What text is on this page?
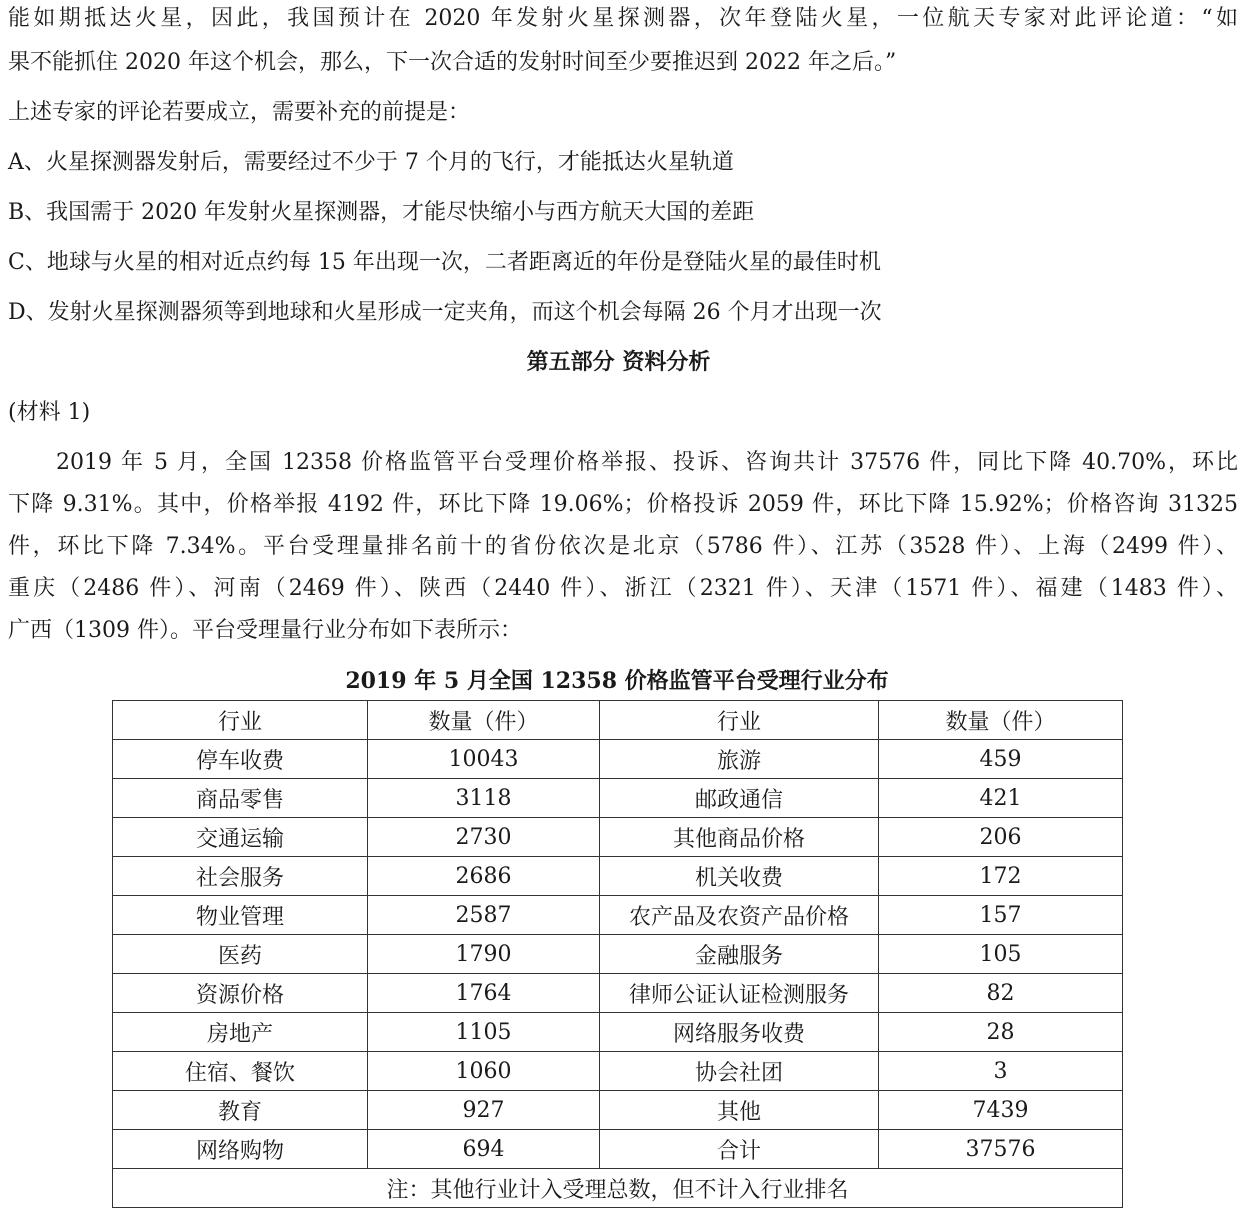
能如期抵达火星，因此，我国预计在 2020 年发射火星探测器，次年登陆火星，一位航天专家对此评论道：“如
果不能抓住 2020 年这个机会，那么，下一次合适的发射时间至少要推迟到 2022 年之后。”
上述专家的评论若要成立，需要补充的前提是：
A、火星探测器发射后，需要经过不少于 7 个月的飞行，才能抵达火星轨道
B、我国需于 2020 年发射火星探测器，才能尽快缩小与西方航天大国的差距
C、地球与火星的相对近点约每 15 年出现一次，二者距离近的年份是登陆火星的最佳时机
D、发射火星探测器须等到地球和火星形成一定夹角，而这个机会每隔 26 个月才出现一次
第五部分 资料分析
(材料 1)
　　2019 年 5 月，全国 12358 价格监管平台受理价格举报、投诉、咨询共计 37576 件，同比下降 40.70%，环比
下降 9.31%。其中，价格举报 4192 件，环比下降 19.06%；价格投诉 2059 件，环比下降 15.92%；价格咨询 31325
件，环比下降 7.34%。平台受理量排名前十的省份依次是北京（5786 件）、江苏（3528 件）、上海（2499 件）、
重庆（2486 件）、河南（2469 件）、陕西（2440 件）、浙江（2321 件）、天津（1571 件）、福建（1483 件）、
广西（1309 件）。平台受理量行业分布如下表所示：
2019 年 5 月全国 12358 价格监管平台受理行业分布
行业	数量（件）	行业	数量（件）
停车收费	10043	旅游	459
商品零售	3118	邮政通信	421
交通运输	2730	其他商品价格	206
社会服务	2686	机关收费	172
物业管理	2587	农产品及农资产品价格	157
医药	1790	金融服务	105
资源价格	1764	律师公证认证检测服务	82
房地产	1105	网络服务收费	28
住宿、餐饮	1060	协会社团	3
教育	927	其他	7439
网络购物	694	合计	37576
注：其他行业计入受理总数，但不计入行业排名			
